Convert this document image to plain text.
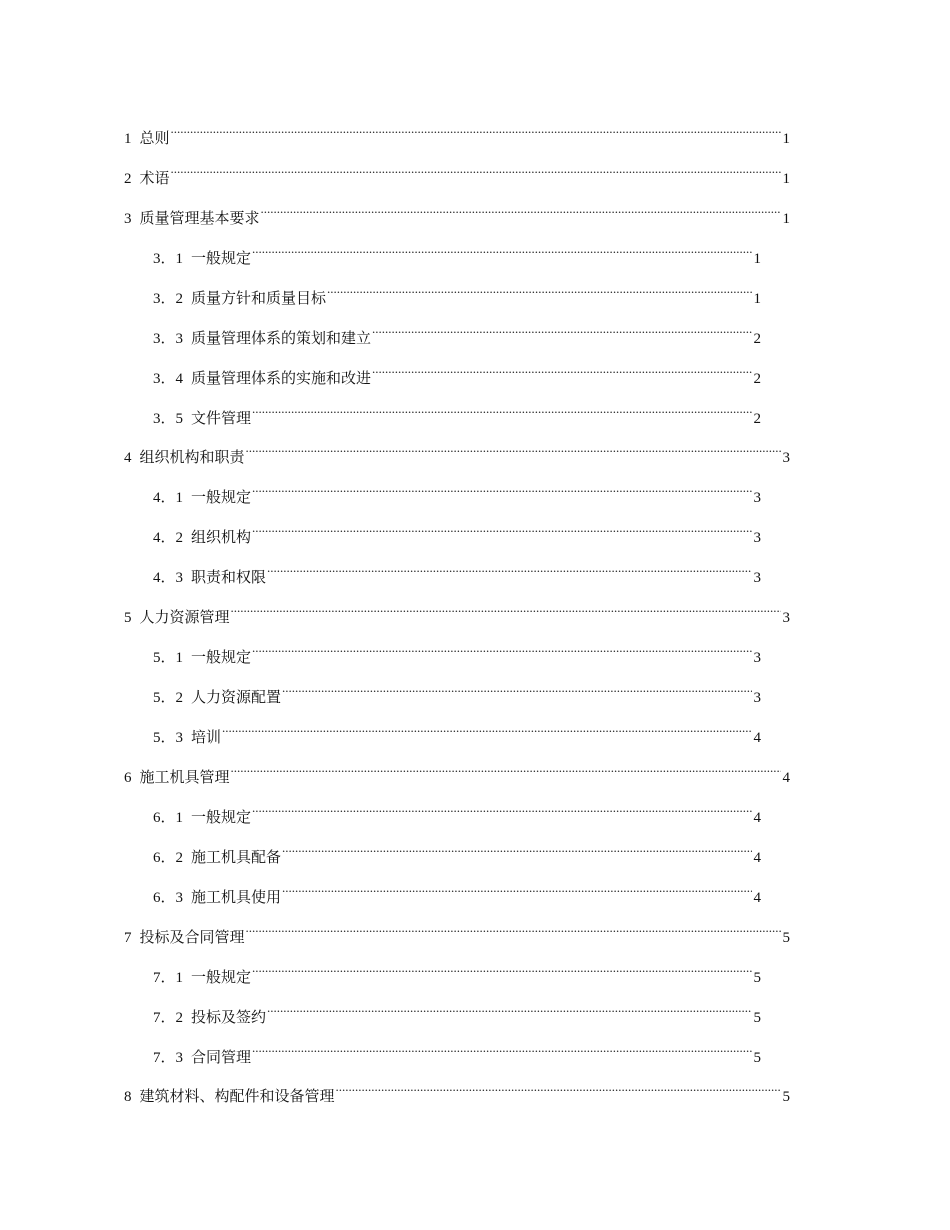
1 总则 .....	1
2 术语 .....	1
3 质量管理基本要求 .....	1
3．1 一般规定 .....	1
3．2 质量方针和质量目标 .....	1
3．3 质量管理体系的策划和建立 .....	2
3．4 质量管理体系的实施和改进 .....	2
3．5 文件管理 .....	2
4 组织机构和职责 .....	3
4．1 一般规定 .....	3
4．2 组织机构 .....	3
4．3 职责和权限 .....	3
5 人力资源管理 .....	3
5．1 一般规定 .....	3
5．2 人力资源配置 .....	3
5．3 培训 .....	4
6 施工机具管理 .....	4
6．1 一般规定 .....	4
6．2 施工机具配备 .....	4
6．3 施工机具使用 .....	4
7 投标及合同管理 .....	5
7．1 一般规定 .....	5
7．2 投标及签约 .....	5
7．3 合同管理 .....	5
8 建筑材料、构配件和设备管理 .....	5
